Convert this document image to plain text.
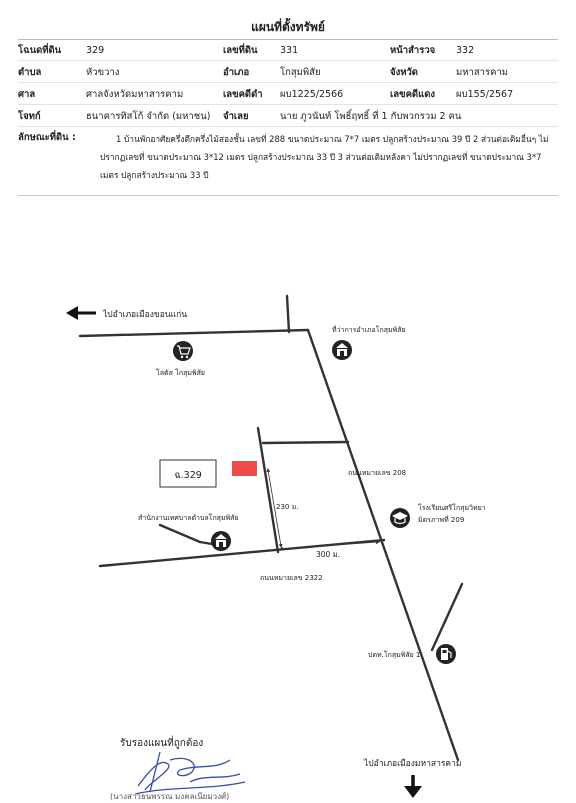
แผนที่ตั้งทรัพย์
โฉนดที่ดิน	329	เลขที่ดิน 331	หน้าสำรวจ 332
ตำบล	หัวขวาง	อำเภอ	โกสุมพิสัย	จังหวัด	มหาสารคาม
ศาล	ศาลจังหวัดมหาสารคาม	เลขคดีดำ ผบ1225/2566	เลขคดีแดง ผบ155/2567
โจทก์	ธนาคารทิสโก้ จำกัด (มหาชน) จำเลย	นาย ภูวนันท์ โพธิ์ฤทธิ์ ที่ 1 กับพวกรวม 2 คน
ลักษณะที่ดิน :	1 บ้านพักอาศัยครึ่งตึกครึ่งไม้สองชั้น เลขที่ 288 ขนาดประมาณ 7*7 เมตร ปลูกสร้างประมาณ 39 ปี 2 ส่วนต่อเติมอื่นๆ ไม่ปรากฏเลขที่ ขนาดประมาณ 3*12 เมตร ปลูกสร้างประมาณ 33 ปี 3 ส่วนต่อเติมหลังคา ไม่ปรากฏเลขที่ ขนาดประมาณ 3*7 เมตร ปลูกสร้างประมาณ 33 ปี
ไปอำเภอเมืองขอนแก่น
ที่ว่าการอำเภอโกสุมพิสัย
โลตัส โกสุมพิสัย
ฉ.329	ถนนหมายเลข 208
230 ม.
สำนักงานเทศบาลตำบลโกสุมพิสัย
โรงเรียนศรีโกสุมวิทยา
มิตรภาพที่ 209
300 ม.
ถนนหมายเลข 2322
ปตท.โกสุมพิสัย 1
ไปอำเภอเมืองมหาสารคาม
รับรองแผนที่ถูกต้อง
(นางสาวธนพรรณ มงคลเนียมวงศ์)
